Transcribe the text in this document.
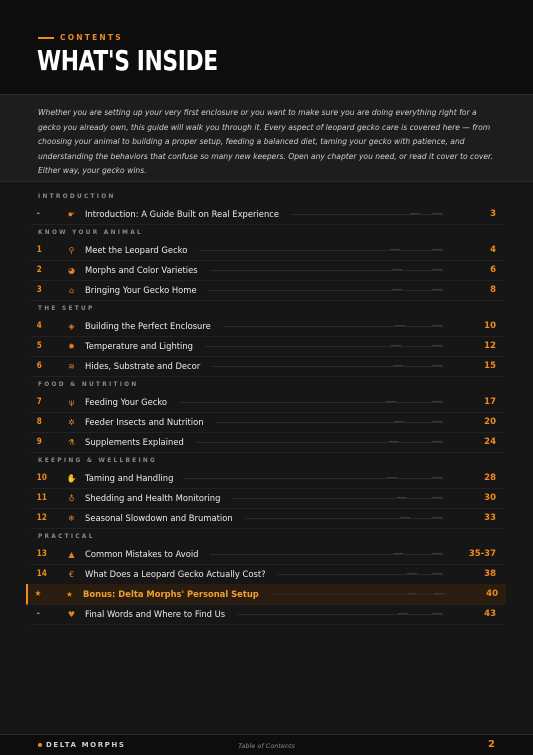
CONTENTS
WHAT'S INSIDE

Whether you are setting up your very first enclosure or you want to make sure you are doing everything right for a gecko you already own, this guide will walk you through it. Every aspect of leopard gecko care is covered here — from choosing your animal to building a proper setup, feeding a balanced diet, taming your gecko with patience, and understanding the behaviors that confuse so many new keepers. Open any chapter you need, or read it cover to cover. Either way, your gecko wins.

INTRODUCTION
-	☛	Introduction: A Guide Built on Real Experience	3
KNOW YOUR ANIMAL
1	⚲	Meet the Leopard Gecko	4
2	◕	Morphs and Color Varieties	6
3	⌂	Bringing Your Gecko Home	8
THE SETUP
4	◈	Building the Perfect Enclosure	10
5	✹	Temperature and Lighting	12
6	≋	Hides, Substrate and Decor	15
FOOD & NUTRITION
7	ψ	Feeding Your Gecko	17
8	✲	Feeder Insects and Nutrition	20
9	⚗	Supplements Explained	24
KEEPING & WELLBEING
10	✋ Taming and Handling	28
11	♁	Shedding and Health Monitoring	30
12	❄	Seasonal Slowdown and Brumation	33
PRACTICAL
13	▲	Common Mistakes to Avoid	35-37
14	€	What Does a Leopard Gecko Actually Cost?	38
★	★	Bonus: Delta Morphs' Personal Setup	40
-	♥	Final Words and Where to Find Us	43
DELTA MORPHS	Table of Contents	2
